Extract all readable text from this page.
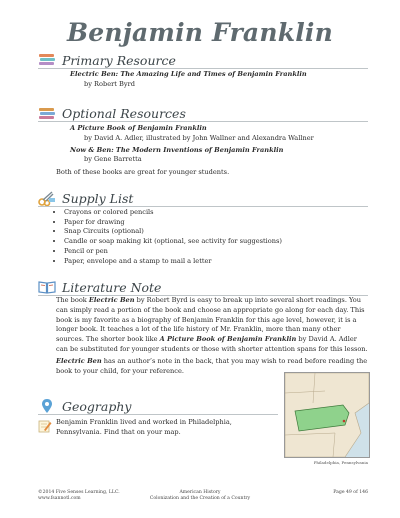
Benjamin Franklin
Primary Resource
Electric Ben: The Amazing Life and Times of Benjamin Franklin
by Robert Byrd
Optional Resources
A Picture Book of Benjamin Franklin
by David A. Adler, illustrated by John Wallner and Alexandra Wallner
Now & Ben: The Modern Inventions of Benjamin Franklin
by Gene Barretta
Both of these books are great for younger students.
Supply List
• Crayons or colored pencils
• Paper for drawing
• Snap Circuits (optional)
• Candle or soap making kit (optional, see activity for suggestions)
• Pencil or pen
• Paper, envelope and a stamp to mail a letter
Literature Note
The book Electric Ben by Robert Byrd is easy to break up into several short readings. You can simply read a portion of the book and choose an appropriate go along for each day. This book is my favorite as a biography of Benjamin Franklin for this age level, however, it is a longer book. It teaches a lot of the life history of Mr. Franklin, more than many other sources. The shorter book like A Picture Book of Benjamin Franklin by David A. Adler can be substituted for younger students or those with shorter attention spans for this lesson.
Electric Ben has an author’s note in the back, that you may wish to read before reading the book to your child, for your reference.
Geography
Benjamin Franklin lived and worked in Philadelphia, Pennsylvania. Find that on your map.
Philadelphia, Pennsylvania
©2014 Five Senses Learning, LLC.
www.fsannotl.com
American History
Colonization and the Creation of a Country
Page 49 of 146
